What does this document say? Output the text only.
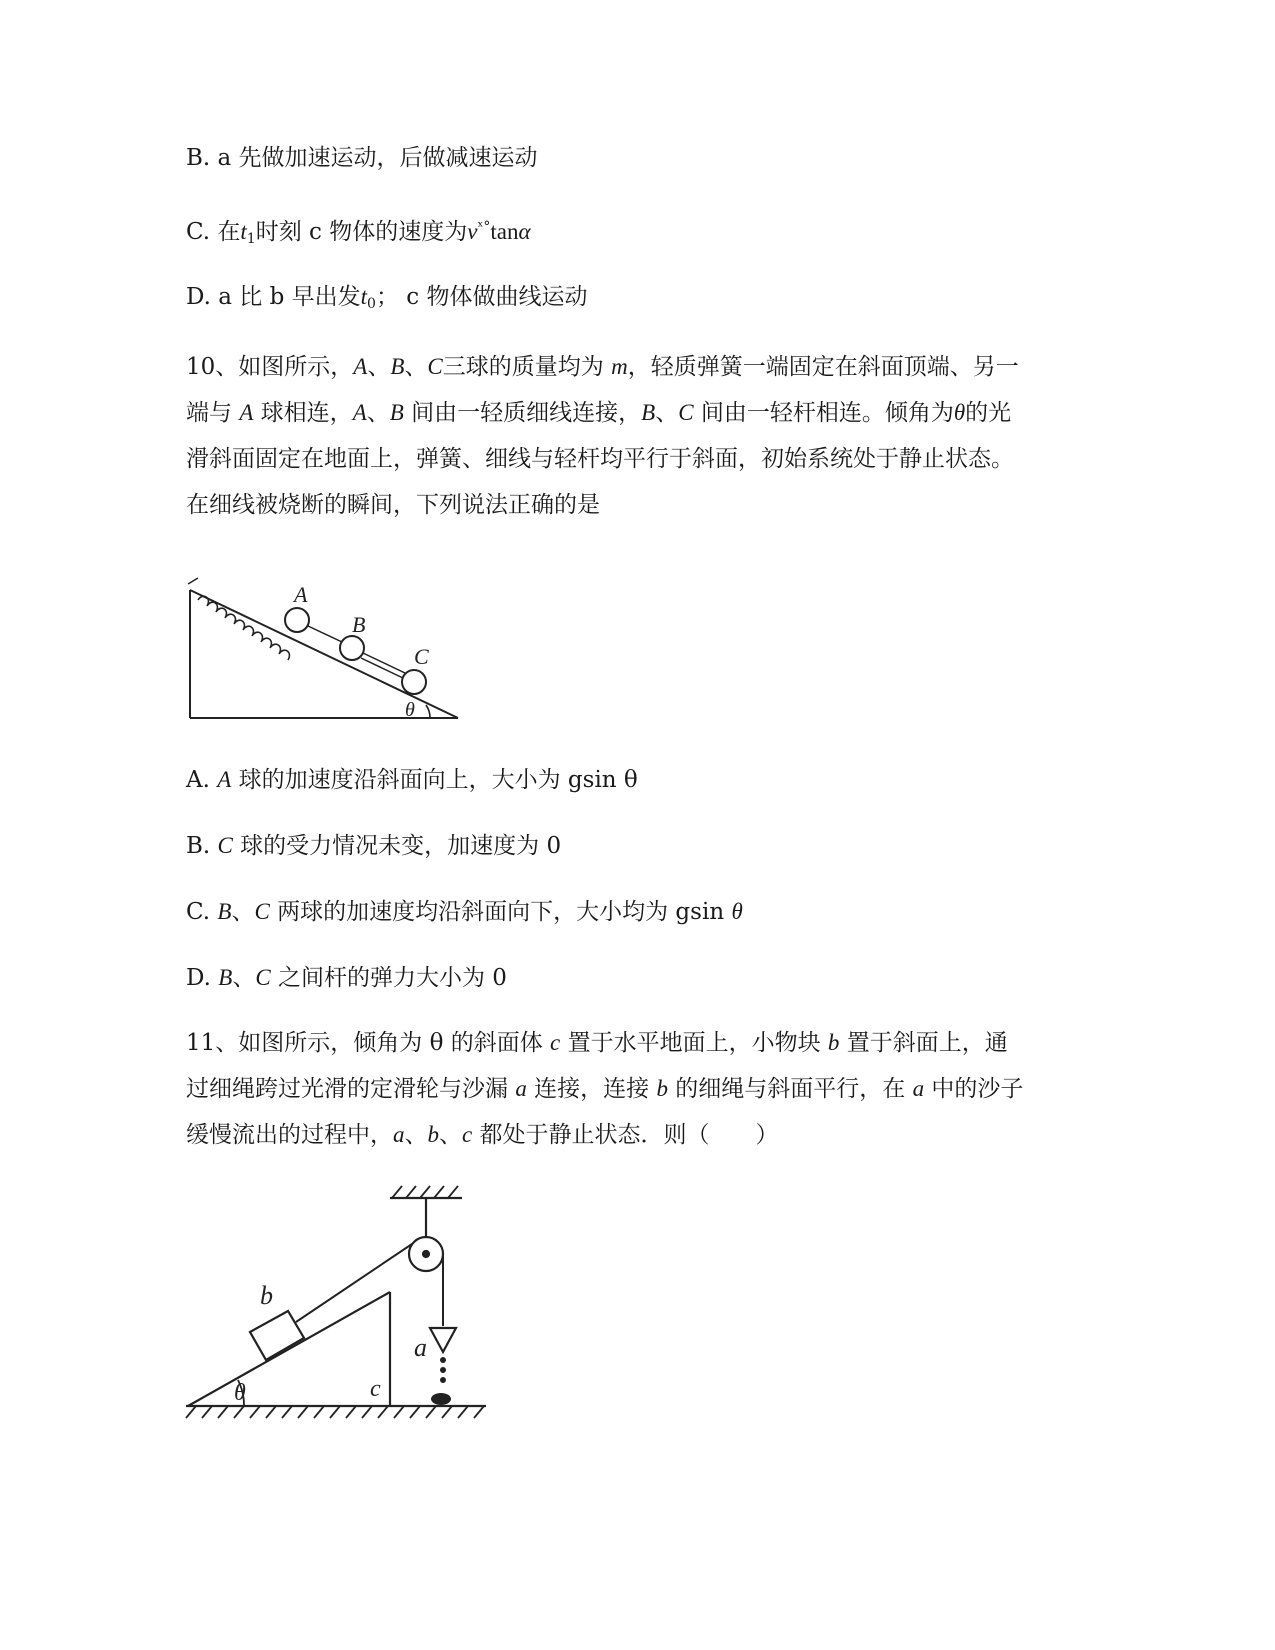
B. a 先做加速运动，后做减速运动
C. 在$t_1$时刻 c 物体的速度为$v^{ˣ^\circ}\tan\alpha$
D. a 比 b 早出发$t_0$； c 物体做曲线运动
10、如图所示，A、B、C三球的质量均为 m，轻质弹簧一端固定在斜面顶端、另一
端与 A 球相连，A、B 间由一轻质细线连接，B、C 间由一轻杆相连。倾角为θ的光
滑斜面固定在地面上，弹簧、细线与轻杆均平行于斜面，初始系统处于静止状态。
在细线被烧断的瞬间，下列说法正确的是
A
B
C
θ
A. A 球的加速度沿斜面向上，大小为 gsin θ
B. C 球的受力情况未变，加速度为 0
C. B、C 两球的加速度均沿斜面向下，大小均为 gsin θ
D. B、C 之间杆的弹力大小为 0
11、如图所示，倾角为 θ 的斜面体 c 置于水平地面上，小物块 b 置于斜面上，通
过细绳跨过光滑的定滑轮与沙漏 a 连接，连接 b 的细绳与斜面平行，在 a 中的沙子
缓慢流出的过程中，a、b、c 都处于静止状态．则（　　）
b
a
c
θ
